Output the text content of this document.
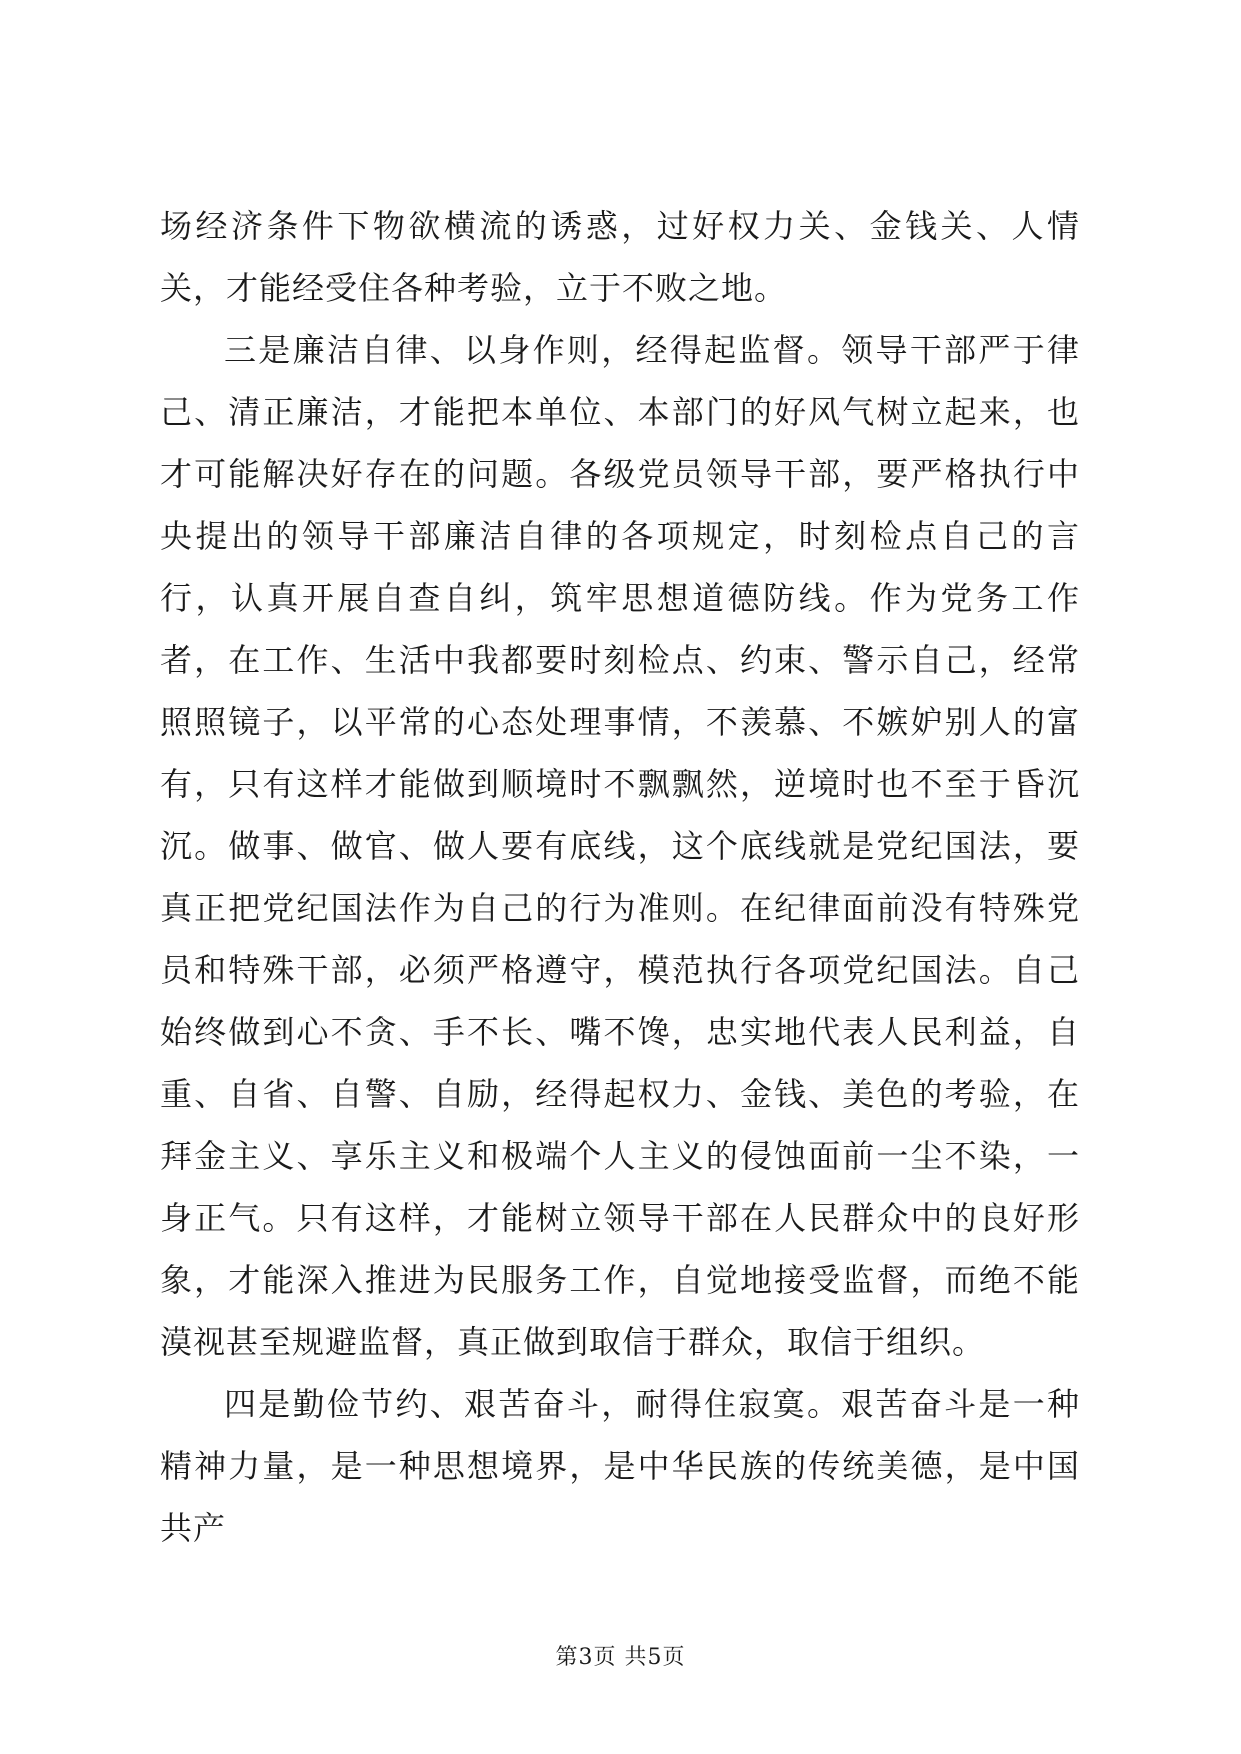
场经济条件下物欲横流的诱惑，过好权力关、金钱关、人情关，才能经受住各种考验，立于不败之地。

三是廉洁自律、以身作则，经得起监督。领导干部严于律己、清正廉洁，才能把本单位、本部门的好风气树立起来，也才可能解决好存在的问题。各级党员领导干部，要严格执行中央提出的领导干部廉洁自律的各项规定，时刻检点自己的言行，认真开展自查自纠，筑牢思想道德防线。作为党务工作者，在工作、生活中我都要时刻检点、约束、警示自己，经常照照镜子，以平常的心态处理事情，不羡慕、不嫉妒别人的富有，只有这样才能做到顺境时不飘飘然，逆境时也不至于昏沉沉。做事、做官、做人要有底线，这个底线就是党纪国法，要真正把党纪国法作为自己的行为准则。在纪律面前没有特殊党员和特殊干部，必须严格遵守，模范执行各项党纪国法。自己始终做到心不贪、手不长、嘴不馋，忠实地代表人民利益，自重、自省、自警、自励，经得起权力、金钱、美色的考验，在拜金主义、享乐主义和极端个人主义的侵蚀面前一尘不染，一身正气。只有这样，才能树立领导干部在人民群众中的良好形象，才能深入推进为民服务工作，自觉地接受监督，而绝不能漠视甚至规避监督，真正做到取信于群众，取信于组织。

四是勤俭节约、艰苦奋斗，耐得住寂寞。艰苦奋斗是一种精神力量，是一种思想境界，是中华民族的传统美德，是中国共产

第3页 共5页
